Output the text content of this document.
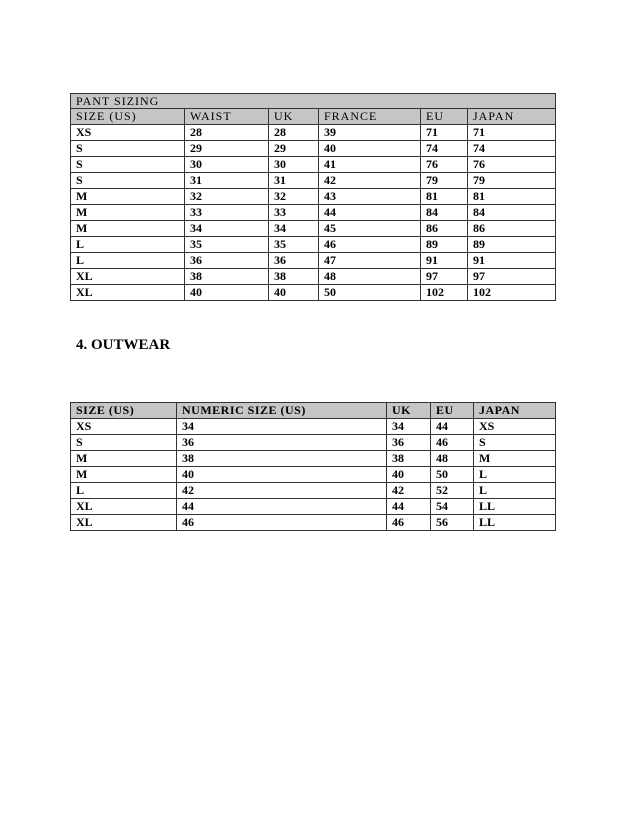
PANT SIZING					
SIZE (US)	WAIST	UK	FRANCE	EU	JAPAN
XS	28	28	39	71	71
S	29	29	40	74	74
S	30	30	41	76	76
S	31	31	42	79	79
M	32	32	43	81	81
M	33	33	44	84	84
M	34	34	45	86	86
L	35	35	46	89	89
L	36	36	47	91	91
XL	38	38	48	97	97
XL	40	40	50	102	102
4. OUTWEAR
SIZE (US)	NUMERIC SIZE (US)	UK	EU	JAPAN
XS	34	34	44	XS
S	36	36	46	S
M	38	38	48	M
M	40	40	50	L
L	42	42	52	L
XL	44	44	54	LL
XL	46	46	56	LL
